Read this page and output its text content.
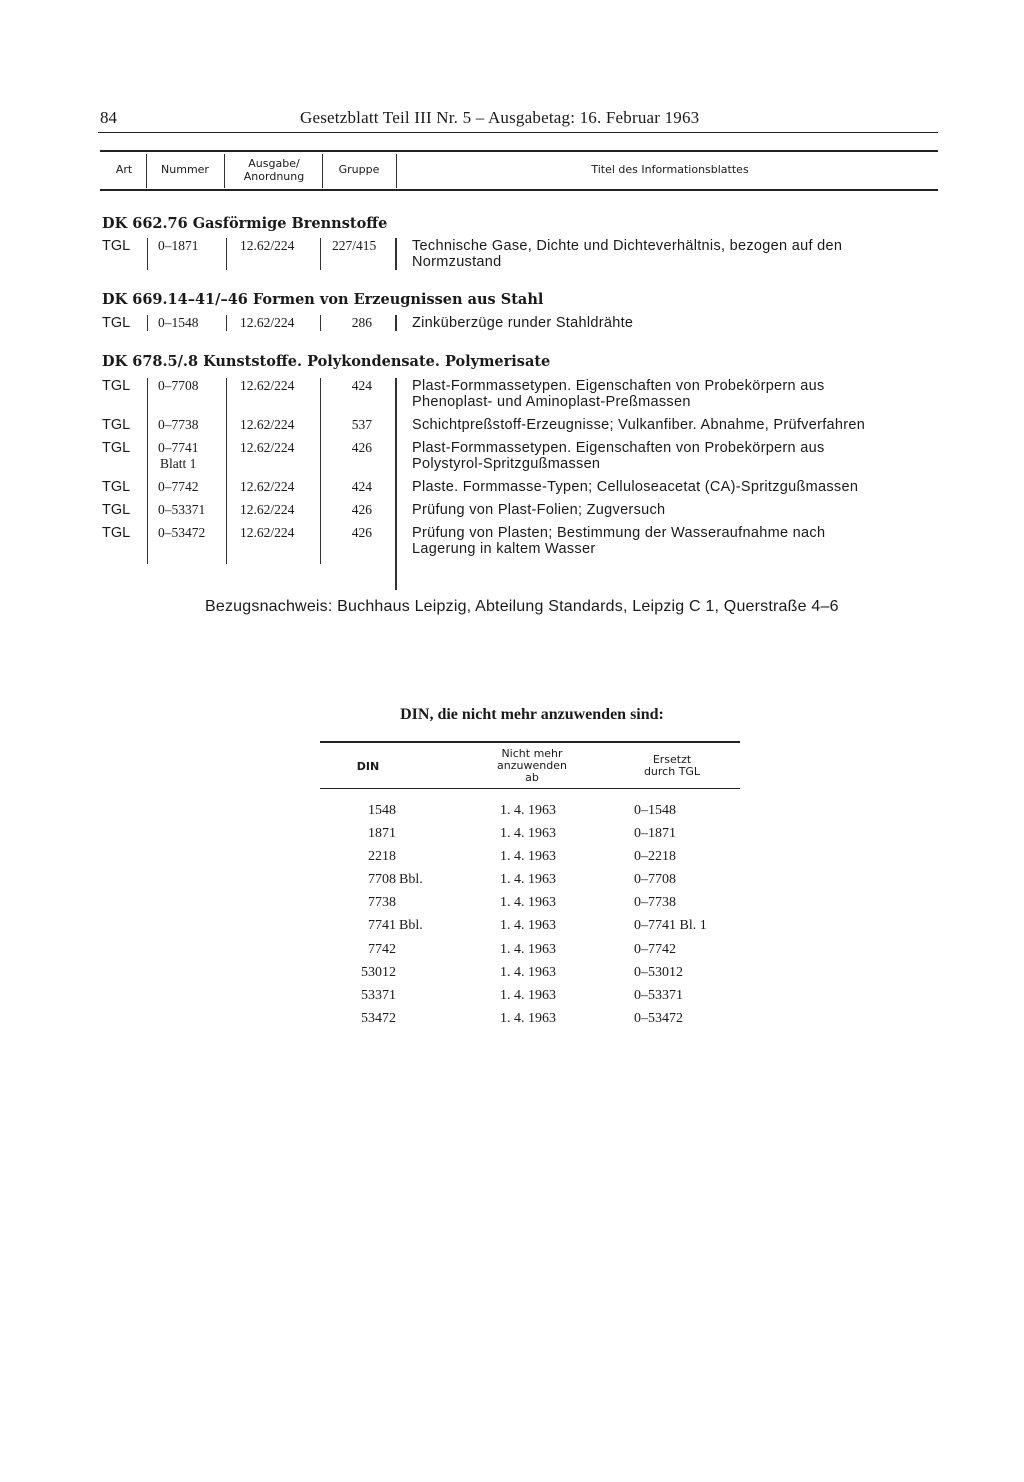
84	Gesetzblatt Teil III Nr. 5 – Ausgabetag: 16. Februar 1963
Art	Nummer	Ausgabe/
Anordnung
Gruppe	Titel des Informationsblattes
DK 662.76 Gasförmige Brennstoffe
TGL 0–1871	12.62/224	227/415 Technische Gase, Dichte und Dichteverhältnis, bezogen auf den
Normzustand
DK 669.14–41/–46 Formen von Erzeugnissen aus Stahl
TGL 0–1548	12.62/224	286	Zinküberzüge runder Stahldrähte
DK 678.5/.8 Kunststoffe. Polykondensate. Polymerisate
TGL 0–7708	12.62/224	424	Plast-Formmassetypen. Eigenschaften von Probekörpern aus
Phenoplast- und Aminoplast-Preßmassen
TGL 0–7738	12.62/224	537	Schichtpreßstoff-Erzeugnisse; Vulkanfiber. Abnahme, Prüfverfahren
TGL 0–7741
Blatt 1
12.62/224	426	Plast-Formmassetypen. Eigenschaften von Probekörpern aus
Polystyrol-Spritzgußmassen
TGL 0–7742	12.62/224	424	Plaste. Formmasse-Typen; Celluloseacetat (CA)-Spritzgußmassen
TGL 0–53371	12.62/224	426	Prüfung von Plast-Folien; Zugversuch
TGL 0–53472	12.62/224	426	Prüfung von Plasten; Bestimmung der Wasseraufnahme nach
Lagerung in kaltem Wasser
Bezugsnachweis: Buchhaus Leipzig, Abteilung Standards, Leipzig C 1, Querstraße 4–6
DIN, die nicht mehr anzuwenden sind:
DIN
Nicht mehr
anzuwenden
ab
Ersetzt
durch TGL
1548	1. 4. 1963	0–1548
1871	1. 4. 1963	0–1871
2218	1. 4. 1963	0–2218
7708 Bbl.	1. 4. 1963	0–7708
7738	1. 4. 1963	0–7738
7741 Bbl.	1. 4. 1963	0–7741 Bl. 1
7742	1. 4. 1963	0–7742
53012	1. 4. 1963	0–53012
53371	1. 4. 1963	0–53371
53472	1. 4. 1963	0–53472
